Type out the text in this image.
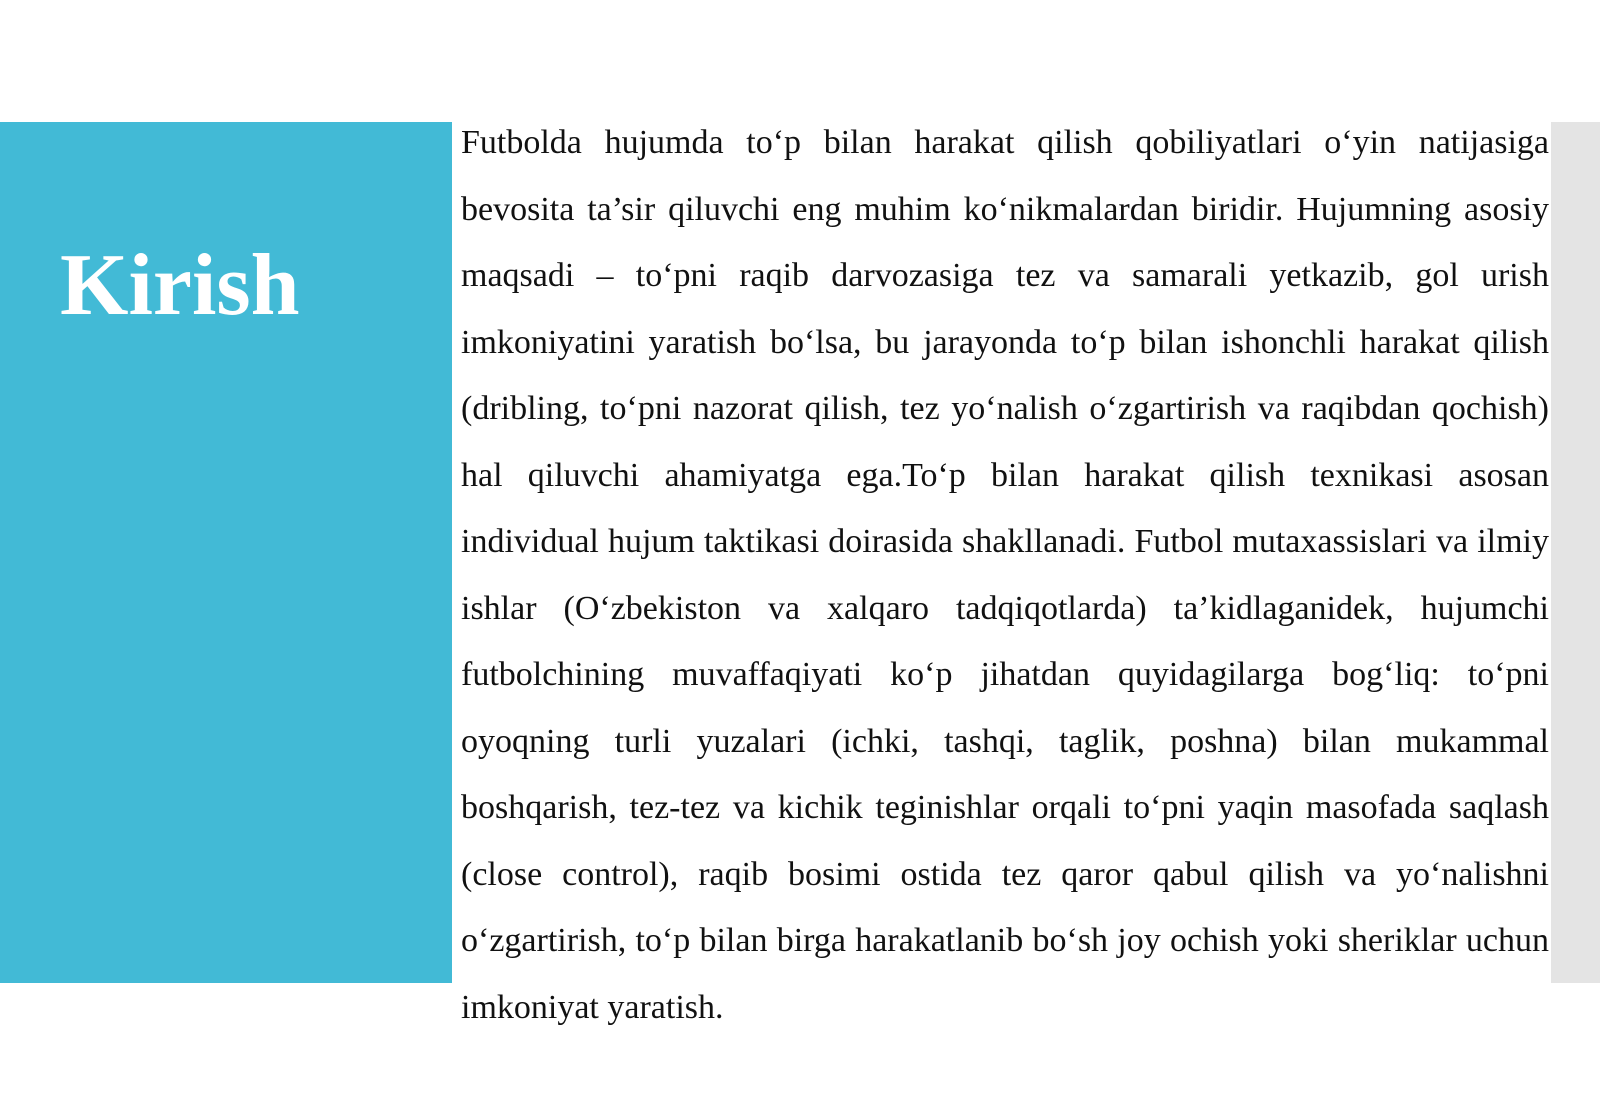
Kirish

Futbolda hujumda to‘p bilan harakat qilish qobiliyatlari o‘yin natijasiga bevosita ta’sir qiluvchi eng muhim ko‘nikmalardan biridir. Hujumning asosiy maqsadi – to‘pni raqib darvozasiga tez va samarali yetkazib, gol urish imkoniyatini yaratish bo‘lsa, bu jarayonda to‘p bilan ishonchli harakat qilish (dribling, to‘pni nazorat qilish, tez yo‘nalish o‘zgartirish va raqibdan qochish) hal qiluvchi ahamiyatga ega.To‘p bilan harakat qilish texnikasi asosan individual hujum taktikasi doirasida shakllanadi. Futbol mutaxassislari va ilmiy ishlar (O‘zbekiston va xalqaro tadqiqotlarda) ta’kidlaganidek, hujumchi futbolchining muvaffaqiyati ko‘p jihatdan quyidagilarga bog‘liq: to‘pni oyoqning turli yuzalari (ichki, tashqi, taglik, poshna) bilan mukammal boshqarish, tez-tez va kichik teginishlar orqali to‘pni yaqin masofada saqlash (close control), raqib bosimi ostida tez qaror qabul qilish va yo‘nalishni o‘zgartirish, to‘p bilan birga harakatlanib bo‘sh joy ochish yoki sheriklar uchun imkoniyat yaratish.
